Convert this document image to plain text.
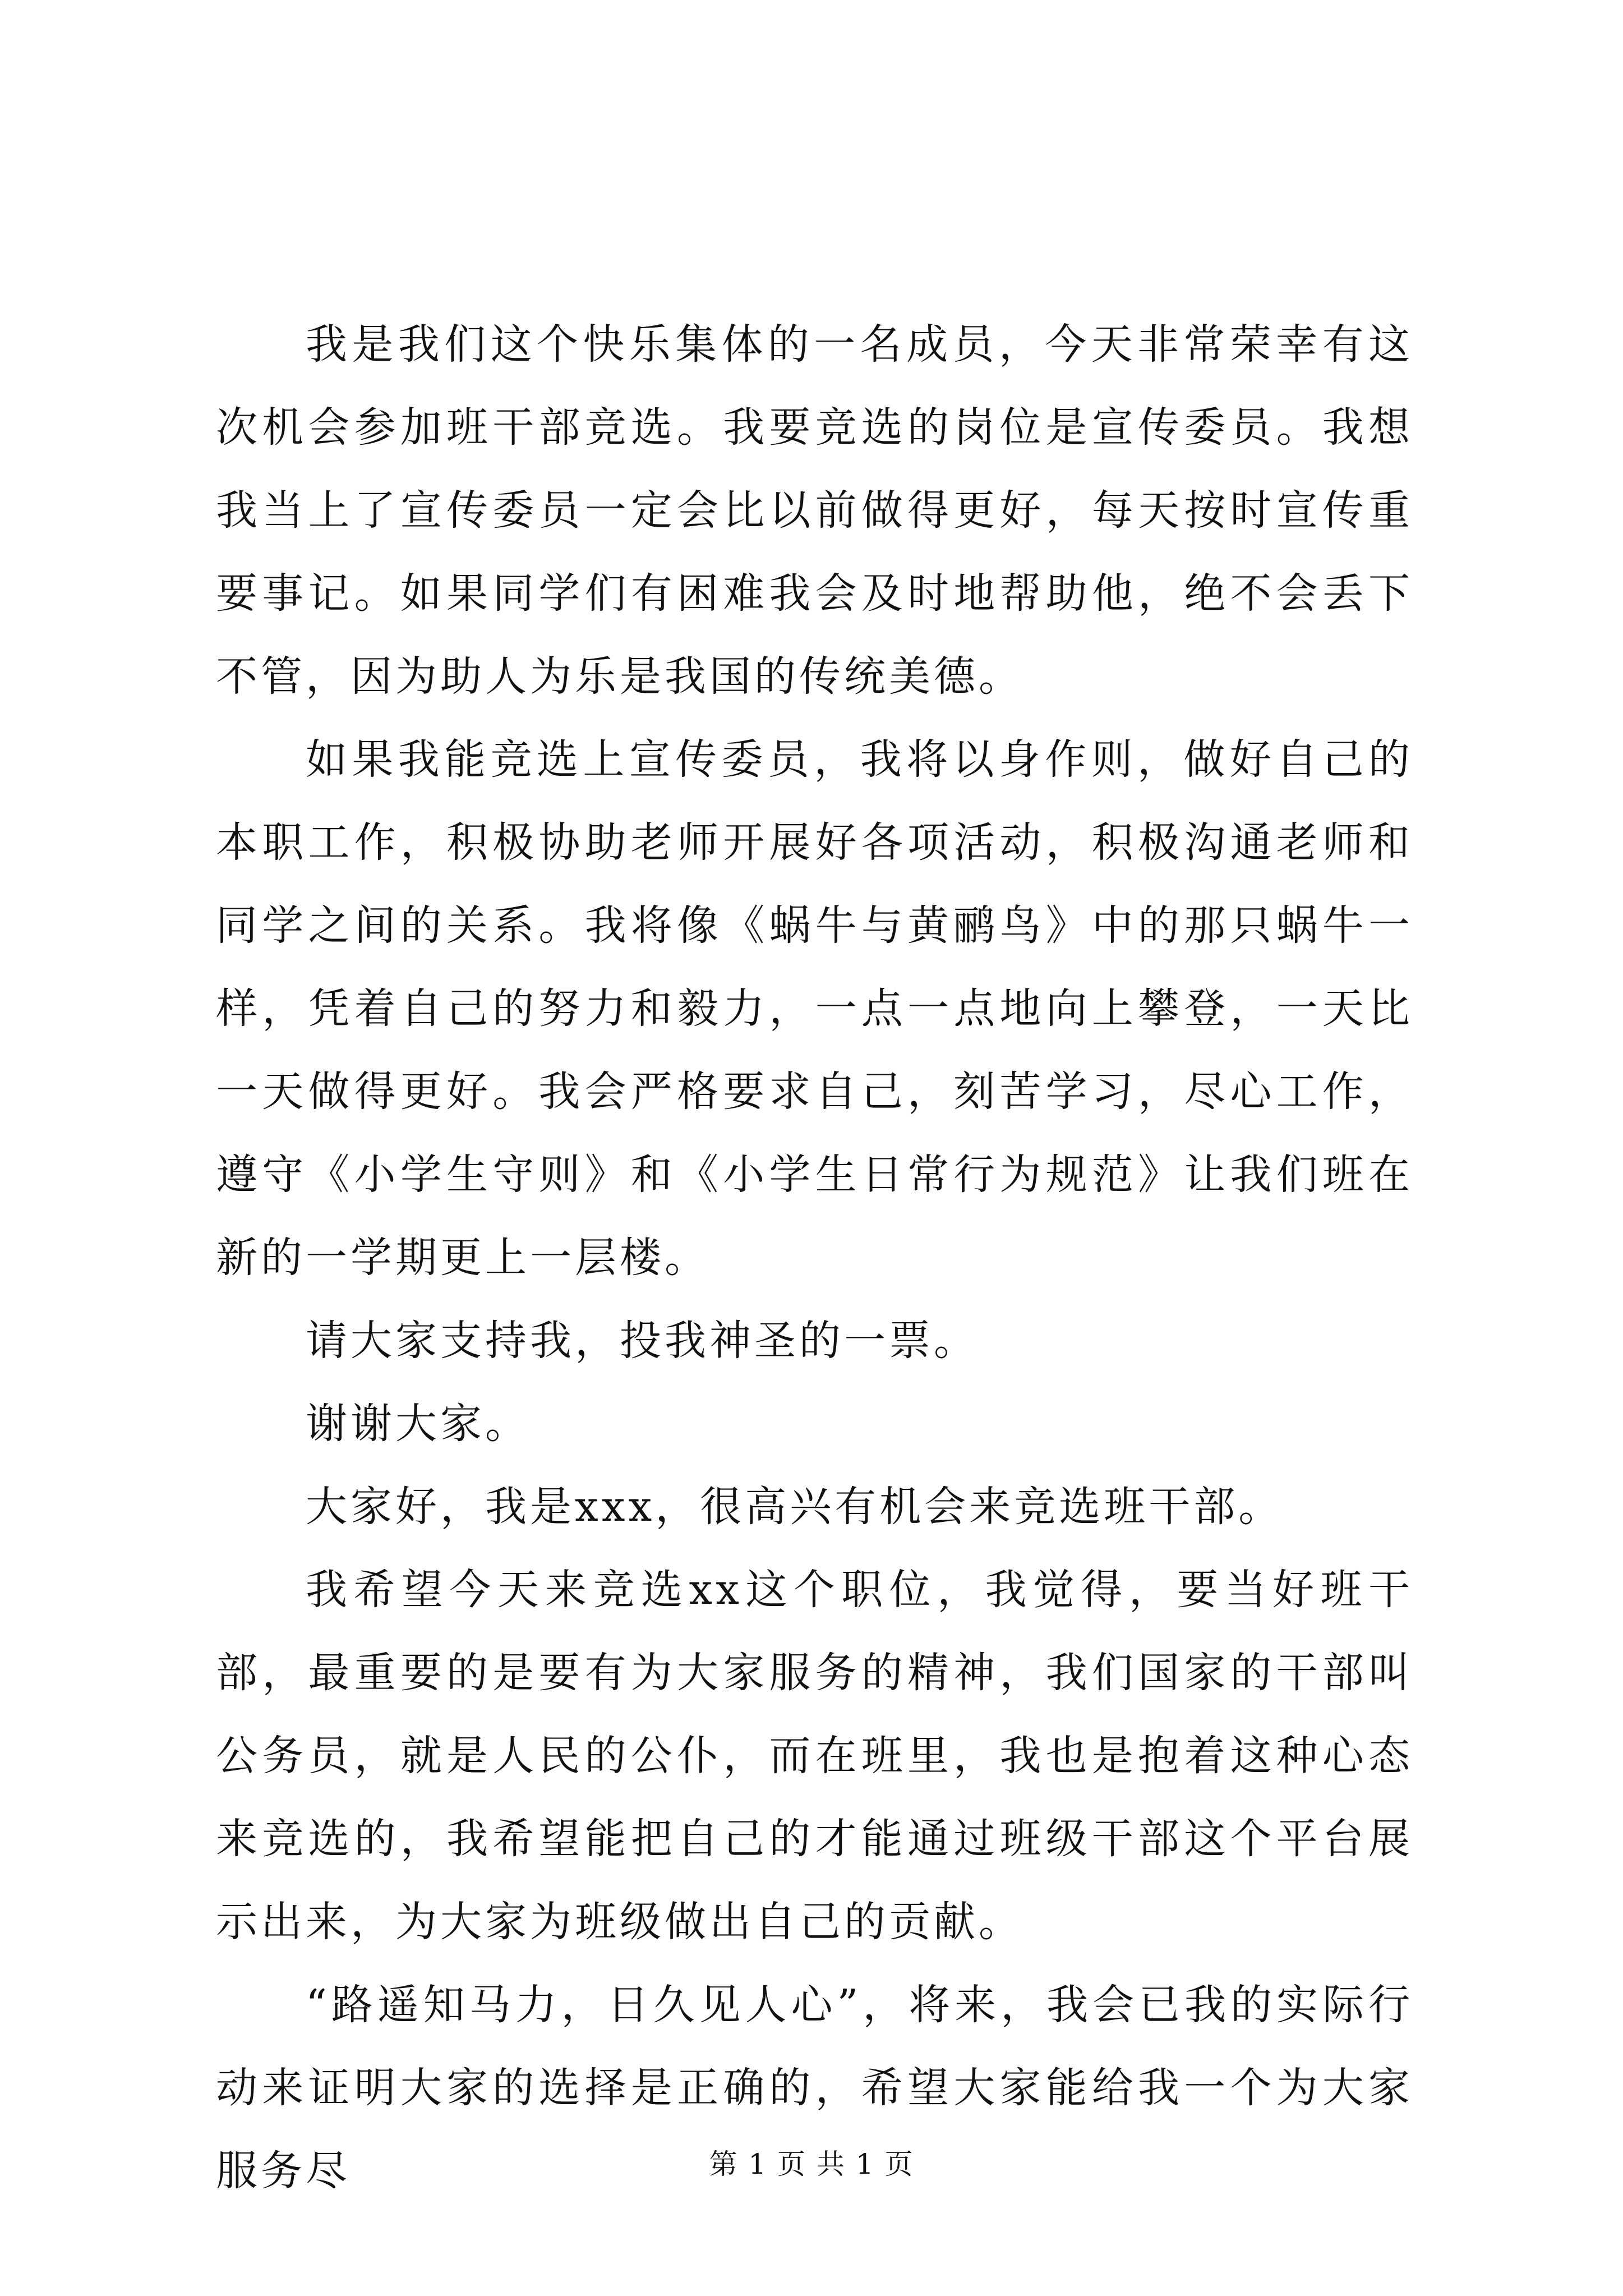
我是我们这个快乐集体的一名成员，今天非常荣幸有这次机会参加班干部竞选。我要竞选的岗位是宣传委员。我想我当上了宣传委员一定会比以前做得更好，每天按时宣传重要事记。如果同学们有困难我会及时地帮助他，绝不会丢下不管，因为助人为乐是我国的传统美德。

如果我能竞选上宣传委员，我将以身作则，做好自己的本职工作，积极协助老师开展好各项活动，积极沟通老师和同学之间的关系。我将像《蜗牛与黄鹂鸟》中的那只蜗牛一样，凭着自己的努力和毅力，一点一点地向上攀登，一天比一天做得更好。我会严格要求自己，刻苦学习，尽心工作，遵守《小学生守则》和《小学生日常行为规范》让我们班在新的一学期更上一层楼。

请大家支持我，投我神圣的一票。

谢谢大家。

大家好，我是xxx，很高兴有机会来竞选班干部。

我希望今天来竞选xx这个职位，我觉得，要当好班干部，最重要的是要有为大家服务的精神，我们国家的干部叫公务员，就是人民的公仆，而在班里，我也是抱着这种心态来竞选的，我希望能把自己的才能通过班级干部这个平台展示出来，为大家为班级做出自己的贡献。

“路遥知马力，日久见人心”，将来，我会已我的实际行动来证明大家的选择是正确的，希望大家能给我一个为大家服务尽	第 1 页 共 1 页
